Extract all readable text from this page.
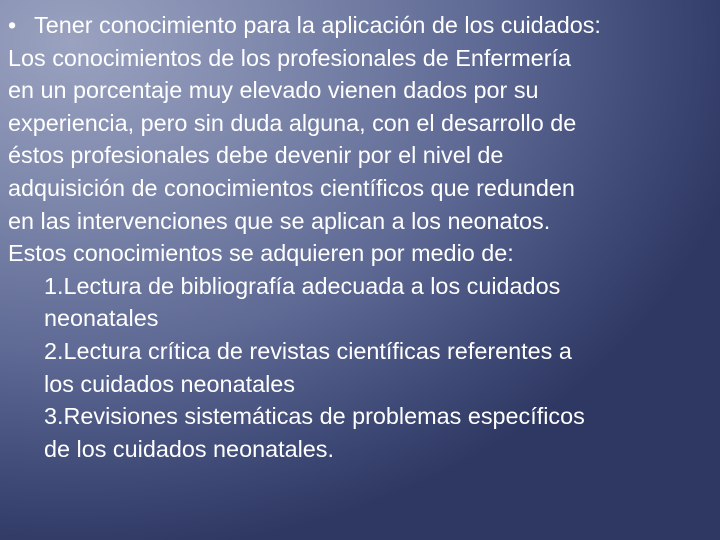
• Tener conocimiento para la aplicación de los cuidados:
Los conocimientos de los profesionales de Enfermería
en un porcentaje muy elevado vienen dados por su
experiencia, pero sin duda alguna, con el desarrollo de
éstos profesionales debe devenir por el nivel de
adquisición de conocimientos científicos que redunden
en las intervenciones que se aplican a los neonatos.
Estos conocimientos se adquieren por medio de:
1.Lectura de bibliografía adecuada a los cuidados
neonatales
2.Lectura crítica de revistas científicas referentes a
los cuidados neonatales
3.Revisiones sistemáticas de problemas específicos
de los cuidados neonatales.
